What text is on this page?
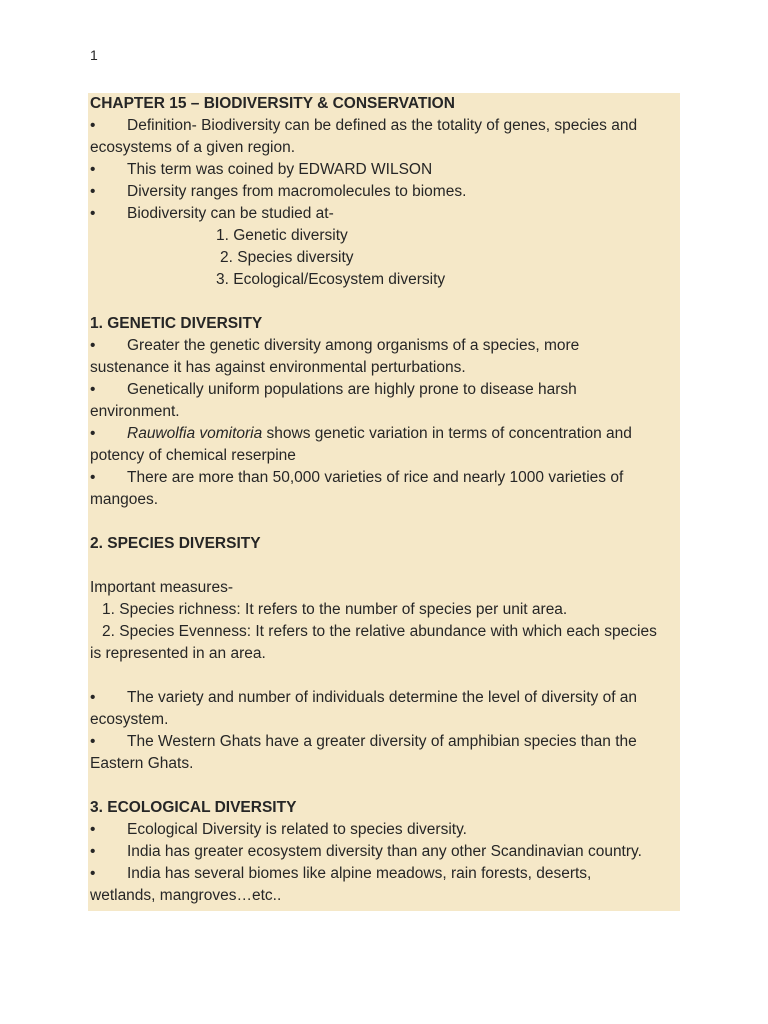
1

CHAPTER 15 – BIODIVERSITY & CONSERVATION

• Definition- Biodiversity can be defined as the totality of genes, species and

ecosystems of a given region.

• This term was coined by EDWARD WILSON

• Diversity ranges from macromolecules to biomes.

• Biodiversity can be studied at-

1. Genetic diversity

2. Species diversity

3. Ecological/Ecosystem diversity

1. GENETIC DIVERSITY

• Greater the genetic diversity among organisms of a species, more

sustenance it has against environmental perturbations.

• Genetically uniform populations are highly prone to disease harsh

environment.

• Rauwolfia vomitoria shows genetic variation in terms of concentration and

potency of chemical reserpine

• There are more than 50,000 varieties of rice and nearly 1000 varieties of

mangoes.

2. SPECIES DIVERSITY

Important measures-

1. Species richness: It refers to the number of species per unit area.

2. Species Evenness: It refers to the relative abundance with which each species

is represented in an area.

• The variety and number of individuals determine the level of diversity of an

ecosystem.

• The Western Ghats have a greater diversity of amphibian species than the

Eastern Ghats.

3. ECOLOGICAL DIVERSITY

• Ecological Diversity is related to species diversity.

• India has greater ecosystem diversity than any other Scandinavian country.

• India has several biomes like alpine meadows, rain forests, deserts,

wetlands, mangroves…etc..
